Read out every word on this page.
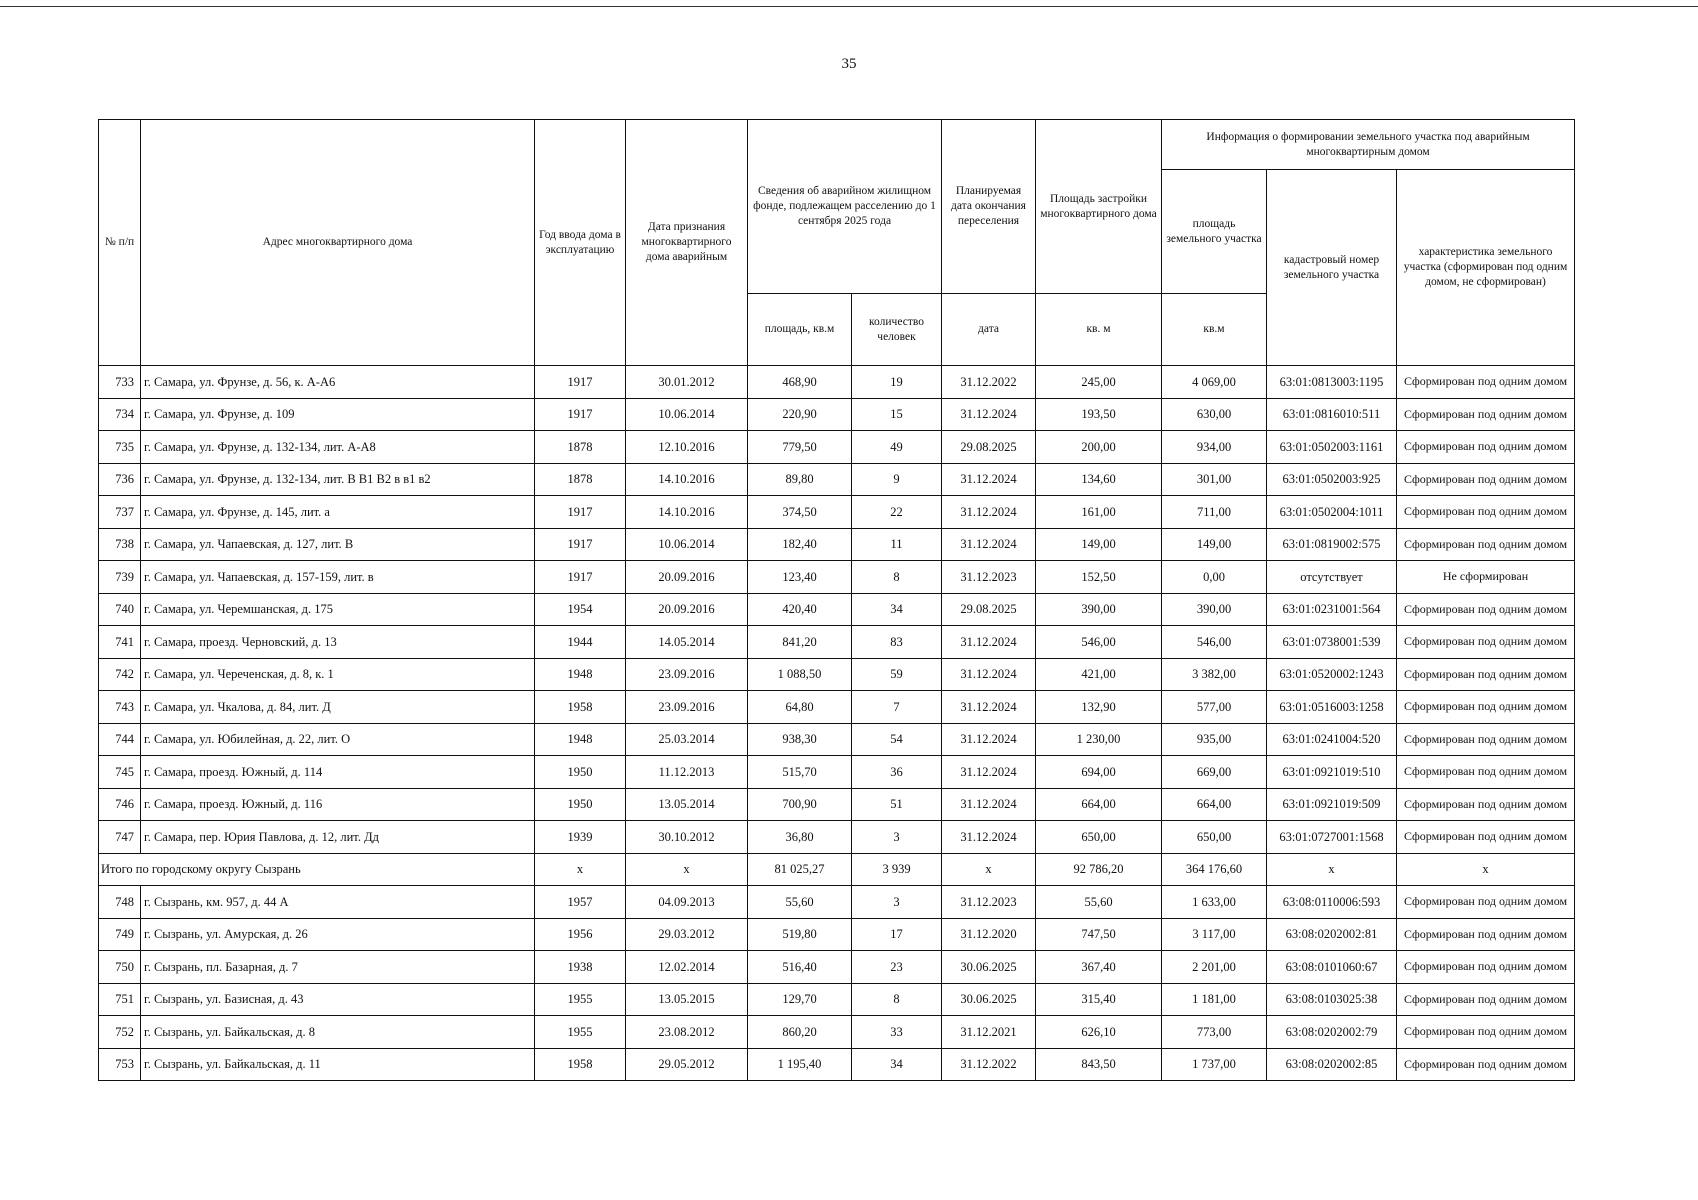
35
№ п/п	Адрес многоквартирного дома	Год ввода дома в эксплуатацию	Дата признания многоквартирного дома аварийным	Сведения об аварийном жилищном фонде, подлежащем расселению до 1 сентября 2025 года		Планируемая дата окончания переселения	Площадь застройки многоквартирного дома	Информация о формировании земельного участка под аварийным многоквартирным домом		
								площадь земельного участка	кадастровый номер земельного участка	характеристика земельного участка (сформирован под одним домом, не сформирован)
				площадь, кв.м	количество человек	дата	кв. м	кв.м		
733	г. Самара, ул. Фрунзе, д. 56, к. А-А6	1917	30.01.2012	468,90	19	31.12.2022	245,00	4 069,00	63:01:0813003:1195	Сформирован под одним домом
734	г. Самара, ул. Фрунзе, д. 109	1917	10.06.2014	220,90	15	31.12.2024	193,50	630,00	63:01:0816010:511	Сформирован под одним домом
735	г. Самара, ул. Фрунзе, д. 132-134, лит. А-А8	1878	12.10.2016	779,50	49	29.08.2025	200,00	934,00	63:01:0502003:1161	Сформирован под одним домом
736	г. Самара, ул. Фрунзе, д. 132-134, лит. В В1 В2 в в1 в2	1878	14.10.2016	89,80	9	31.12.2024	134,60	301,00	63:01:0502003:925	Сформирован под одним домом
737	г. Самара, ул. Фрунзе, д. 145, лит. а	1917	14.10.2016	374,50	22	31.12.2024	161,00	711,00	63:01:0502004:1011	Сформирован под одним домом
738	г. Самара, ул. Чапаевская, д. 127, лит. В	1917	10.06.2014	182,40	11	31.12.2024	149,00	149,00	63:01:0819002:575	Сформирован под одним домом
739	г. Самара, ул. Чапаевская, д. 157-159, лит. в	1917	20.09.2016	123,40	8	31.12.2023	152,50	0,00	отсутствует	Не сформирован
740	г. Самара, ул. Черемшанская, д. 175	1954	20.09.2016	420,40	34	29.08.2025	390,00	390,00	63:01:0231001:564	Сформирован под одним домом
741	г. Самара, проезд. Черновский, д. 13	1944	14.05.2014	841,20	83	31.12.2024	546,00	546,00	63:01:0738001:539	Сформирован под одним домом
742	г. Самара, ул. Череченская, д. 8, к. 1	1948	23.09.2016	1 088,50	59	31.12.2024	421,00	3 382,00	63:01:0520002:1243	Сформирован под одним домом
743	г. Самара, ул. Чкалова, д. 84, лит. Д	1958	23.09.2016	64,80	7	31.12.2024	132,90	577,00	63:01:0516003:1258	Сформирован под одним домом
744	г. Самара, ул. Юбилейная, д. 22, лит. О	1948	25.03.2014	938,30	54	31.12.2024	1 230,00	935,00	63:01:0241004:520	Сформирован под одним домом
745	г. Самара, проезд. Южный, д. 114	1950	11.12.2013	515,70	36	31.12.2024	694,00	669,00	63:01:0921019:510	Сформирован под одним домом
746	г. Самара, проезд. Южный, д. 116	1950	13.05.2014	700,90	51	31.12.2024	664,00	664,00	63:01:0921019:509	Сформирован под одним домом
747	г. Самара, пер. Юрия Павлова, д. 12, лит. Дд	1939	30.10.2012	36,80	3	31.12.2024	650,00	650,00	63:01:0727001:1568	Сформирован под одним домом
Итого по городскому округу Сызрань		х	х	81 025,27	3 939	х	92 786,20	364 176,60	х	х
748	г. Сызрань, км. 957, д. 44 А	1957	04.09.2013	55,60	3	31.12.2023	55,60	1 633,00	63:08:0110006:593	Сформирован под одним домом
749	г. Сызрань, ул. Амурская, д. 26	1956	29.03.2012	519,80	17	31.12.2020	747,50	3 117,00	63:08:0202002:81	Сформирован под одним домом
750	г. Сызрань, пл. Базарная, д. 7	1938	12.02.2014	516,40	23	30.06.2025	367,40	2 201,00	63:08:0101060:67	Сформирован под одним домом
751	г. Сызрань, ул. Базисная, д. 43	1955	13.05.2015	129,70	8	30.06.2025	315,40	1 181,00	63:08:0103025:38	Сформирован под одним домом
752	г. Сызрань, ул. Байкальская, д. 8	1955	23.08.2012	860,20	33	31.12.2021	626,10	773,00	63:08:0202002:79	Сформирован под одним домом
753	г. Сызрань, ул. Байкальская, д. 11	1958	29.05.2012	1 195,40	34	31.12.2022	843,50	1 737,00	63:08:0202002:85	Сформирован под одним домом
